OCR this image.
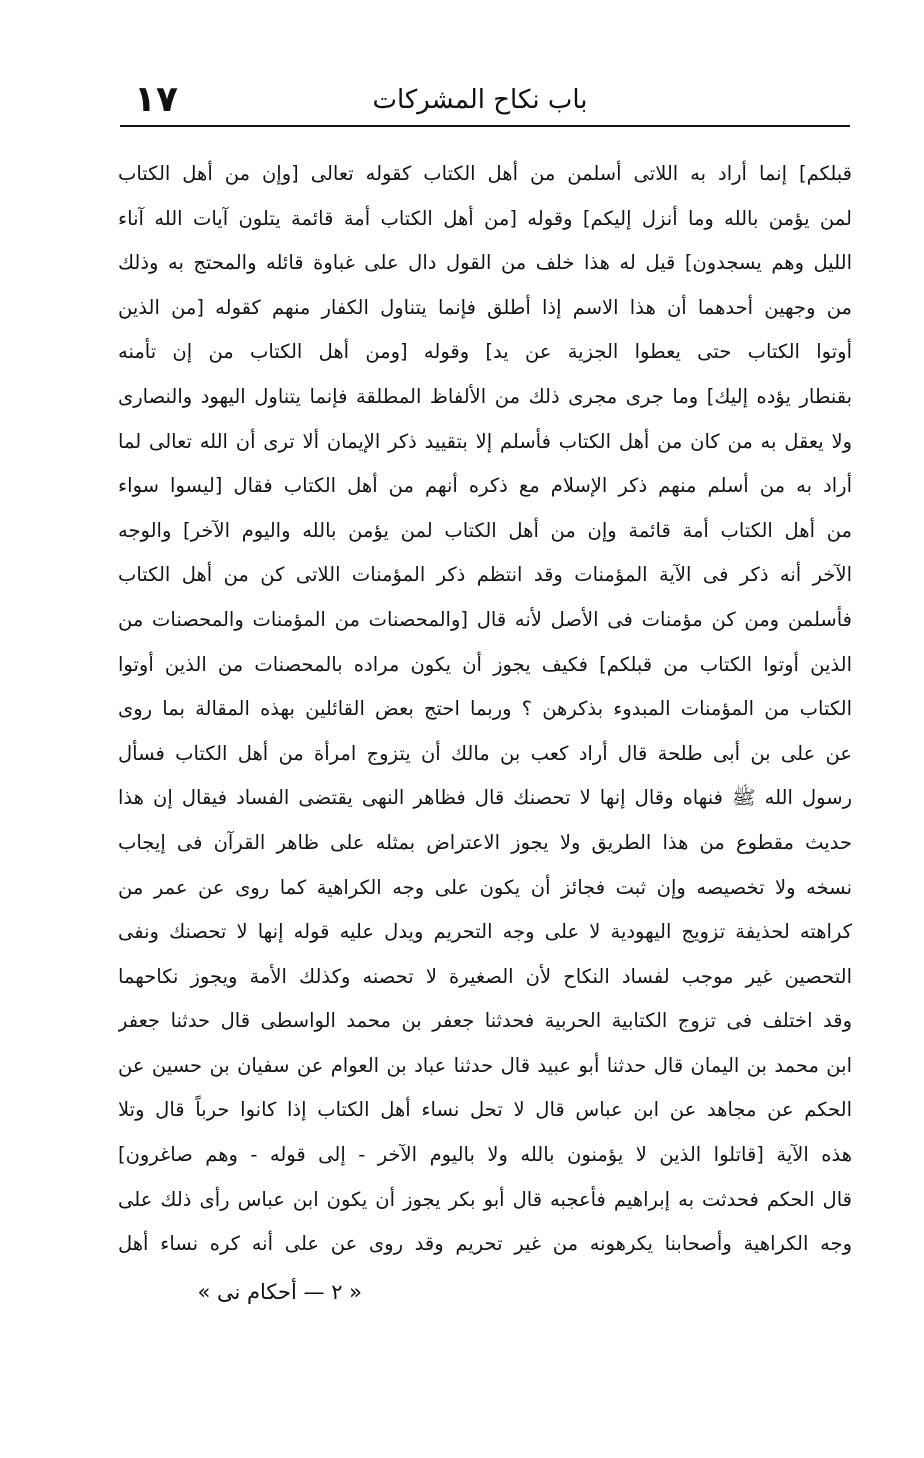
١٧	باب نكاح المشركات
قبلكم] إنما أراد به اللاتى أسلمن من أهل الكتاب كقوله تعالى [وإن من أهل الكتاب
لمن يؤمن بالله وما أنزل إليكم] وقوله [من أهل الكتاب أمة قائمة يتلون آيات الله آناء
الليل وهم يسجدون] قيل له هذا خلف من القول دال على غباوة قائله والمحتج به وذلك
من وجهين أحدهما أن هذا الاسم إذا أطلق فإنما يتناول الكفار منهم كقوله [من الذين
أوتوا الكتاب حتى يعطوا الجزية عن يد] وقوله [ومن أهل الكتاب من إن تأمنه
بقنطار يؤده إليك] وما جرى مجرى ذلك من الألفاظ المطلقة فإنما يتناول اليهود والنصارى
ولا يعقل به من كان من أهل الكتاب فأسلم إلا بتقييد ذكر الإيمان ألا ترى أن الله تعالى لما
أراد به من أسلم منهم ذكر الإسلام مع ذكره أنهم من أهل الكتاب فقال [ليسوا سواء
من أهل الكتاب أمة قائمة وإن من أهل الكتاب لمن يؤمن بالله واليوم الآخر] والوجه
الآخر أنه ذكر فى الآية المؤمنات وقد انتظم ذكر المؤمنات اللاتى كن من أهل الكتاب
فأسلمن ومن كن مؤمنات فى الأصل لأنه قال [والمحصنات من المؤمنات والمحصنات من
الذين أوتوا الكتاب من قبلكم] فكيف يجوز أن يكون مراده بالمحصنات من الذين أوتوا
الكتاب من المؤمنات المبدوء بذكرهن ؟ وربما احتج بعض القائلين بهذه المقالة بما روى
عن على بن أبى طلحة قال أراد كعب بن مالك أن يتزوج امرأة من أهل الكتاب فسأل
رسول الله ﷺ فنهاه وقال إنها لا تحصنك قال فظاهر النهى يقتضى الفساد فيقال إن هذا
حديث مقطوع من هذا الطريق ولا يجوز الاعتراض بمثله على ظاهر القرآن فى إيجاب
نسخه ولا تخصيصه وإن ثبت فجائز أن يكون على وجه الكراهية كما روى عن عمر من
كراهته لحذيفة تزويج اليهودية لا على وجه التحريم ويدل عليه قوله إنها لا تحصنك ونفى
التحصين غير موجب لفساد النكاح لأن الصغيرة لا تحصنه وكذلك الأمة ويجوز نكاحهما
وقد اختلف فى تزوج الكتابية الحربية فحدثنا جعفر بن محمد الواسطى قال حدثنا جعفر
ابن محمد بن اليمان قال حدثنا أبو عبيد قال حدثنا عباد بن العوام عن سفيان بن حسين عن
الحكم عن مجاهد عن ابن عباس قال لا تحل نساء أهل الكتاب إذا كانوا حرباً قال وتلا
هذه الآية [قاتلوا الذين لا يؤمنون بالله ولا باليوم الآخر - إلى قوله - وهم صاغرون]
قال الحكم فحدثت به إبراهيم فأعجبه قال أبو بكر يجوز أن يكون ابن عباس رأى ذلك على
وجه الكراهية وأصحابنا يكرهونه من غير تحريم وقد روى عن على أنه كره نساء أهل
« ٢ — أحكام نى »
